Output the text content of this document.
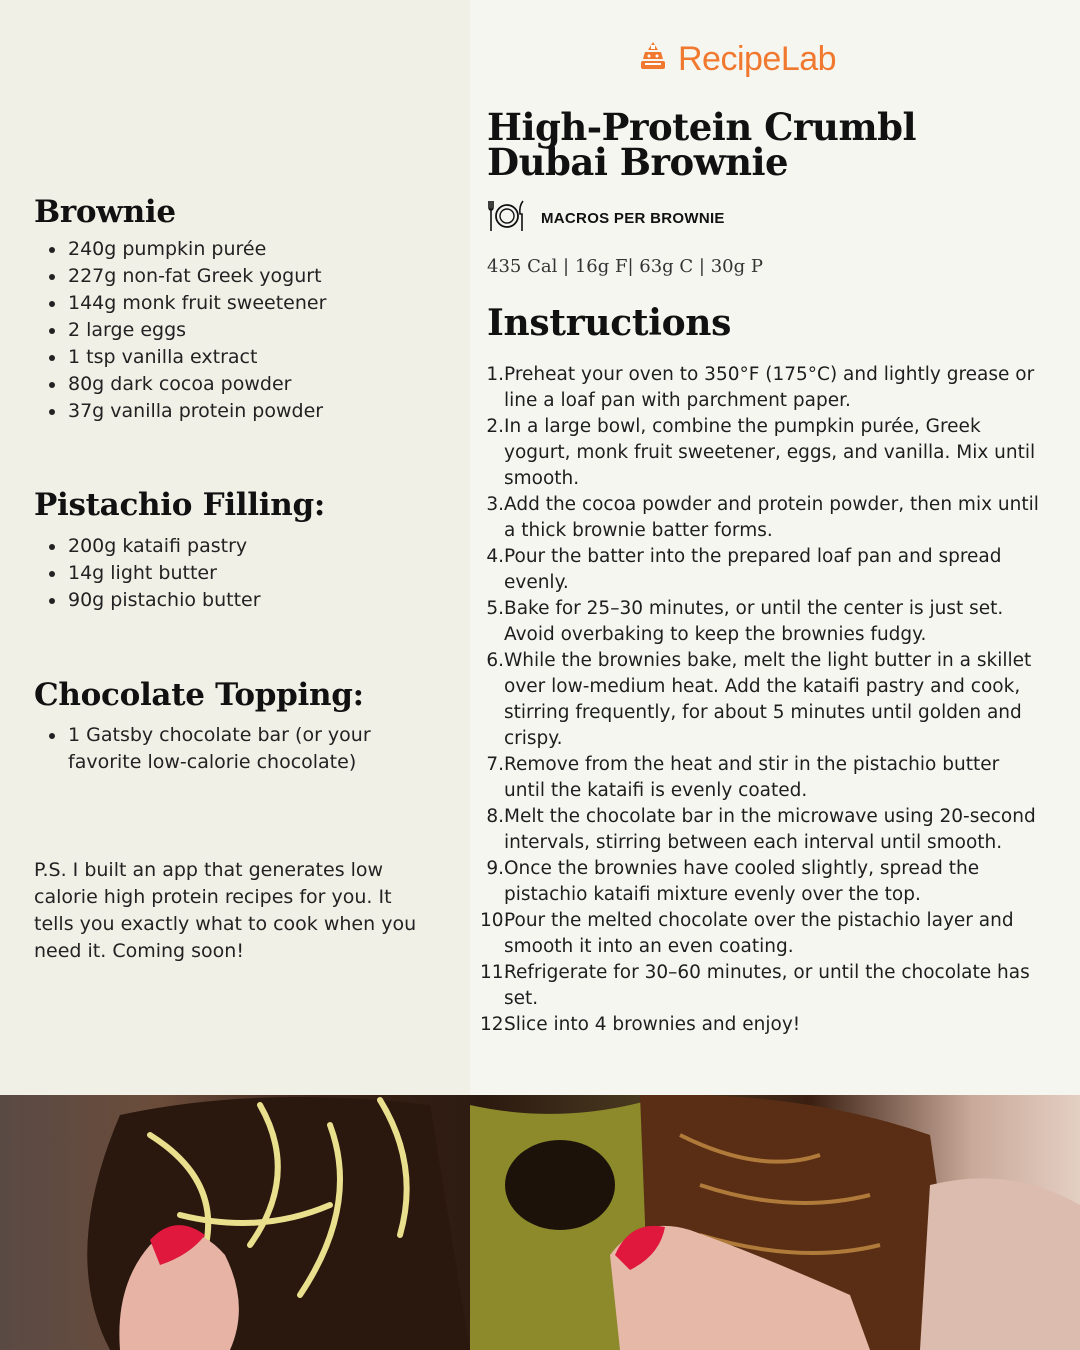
Brownie
240g pumpkin purée
227g non-fat Greek yogurt
144g monk fruit sweetener
2 large eggs
1 tsp vanilla extract
80g dark cocoa powder
37g vanilla protein powder
Pistachio Filling:
200g kataifi pastry
14g light butter
90g pistachio butter
Chocolate Topping:
1 Gatsby chocolate bar (or your favorite low-calorie chocolate)

P.S. I built an app that generates low calorie high protein recipes for you. It tells you exactly what to cook when you need it. Coming soon!

RecipeLab
High-Protein Crumbl Dubai Brownie
MACROS PER BROWNIE
435 Cal | 16g F| 63g C | 30g P
Instructions
1. Preheat your oven to 350°F (175°C) and lightly grease or line a loaf pan with parchment paper.
2. In a large bowl, combine the pumpkin purée, Greek yogurt, monk fruit sweetener, eggs, and vanilla. Mix until smooth.
3. Add the cocoa powder and protein powder, then mix until a thick brownie batter forms.
4. Pour the batter into the prepared loaf pan and spread evenly.
5. Bake for 25–30 minutes, or until the center is just set. Avoid overbaking to keep the brownies fudgy.
6. While the brownies bake, melt the light butter in a skillet over low-medium heat. Add the kataifi pastry and cook, stirring frequently, for about 5 minutes until golden and crispy.
7. Remove from the heat and stir in the pistachio butter until the kataifi is evenly coated.
8. Melt the chocolate bar in the microwave using 20-second intervals, stirring between each interval until smooth.
9. Once the brownies have cooled slightly, spread the pistachio kataifi mixture evenly over the top.
10.
Pour the melted chocolate over the pistachio layer and smooth it into an even coating.
11.
Refrigerate for 30–60 minutes, or until the chocolate has set.
12.
Slice into 4 brownies and enjoy!
